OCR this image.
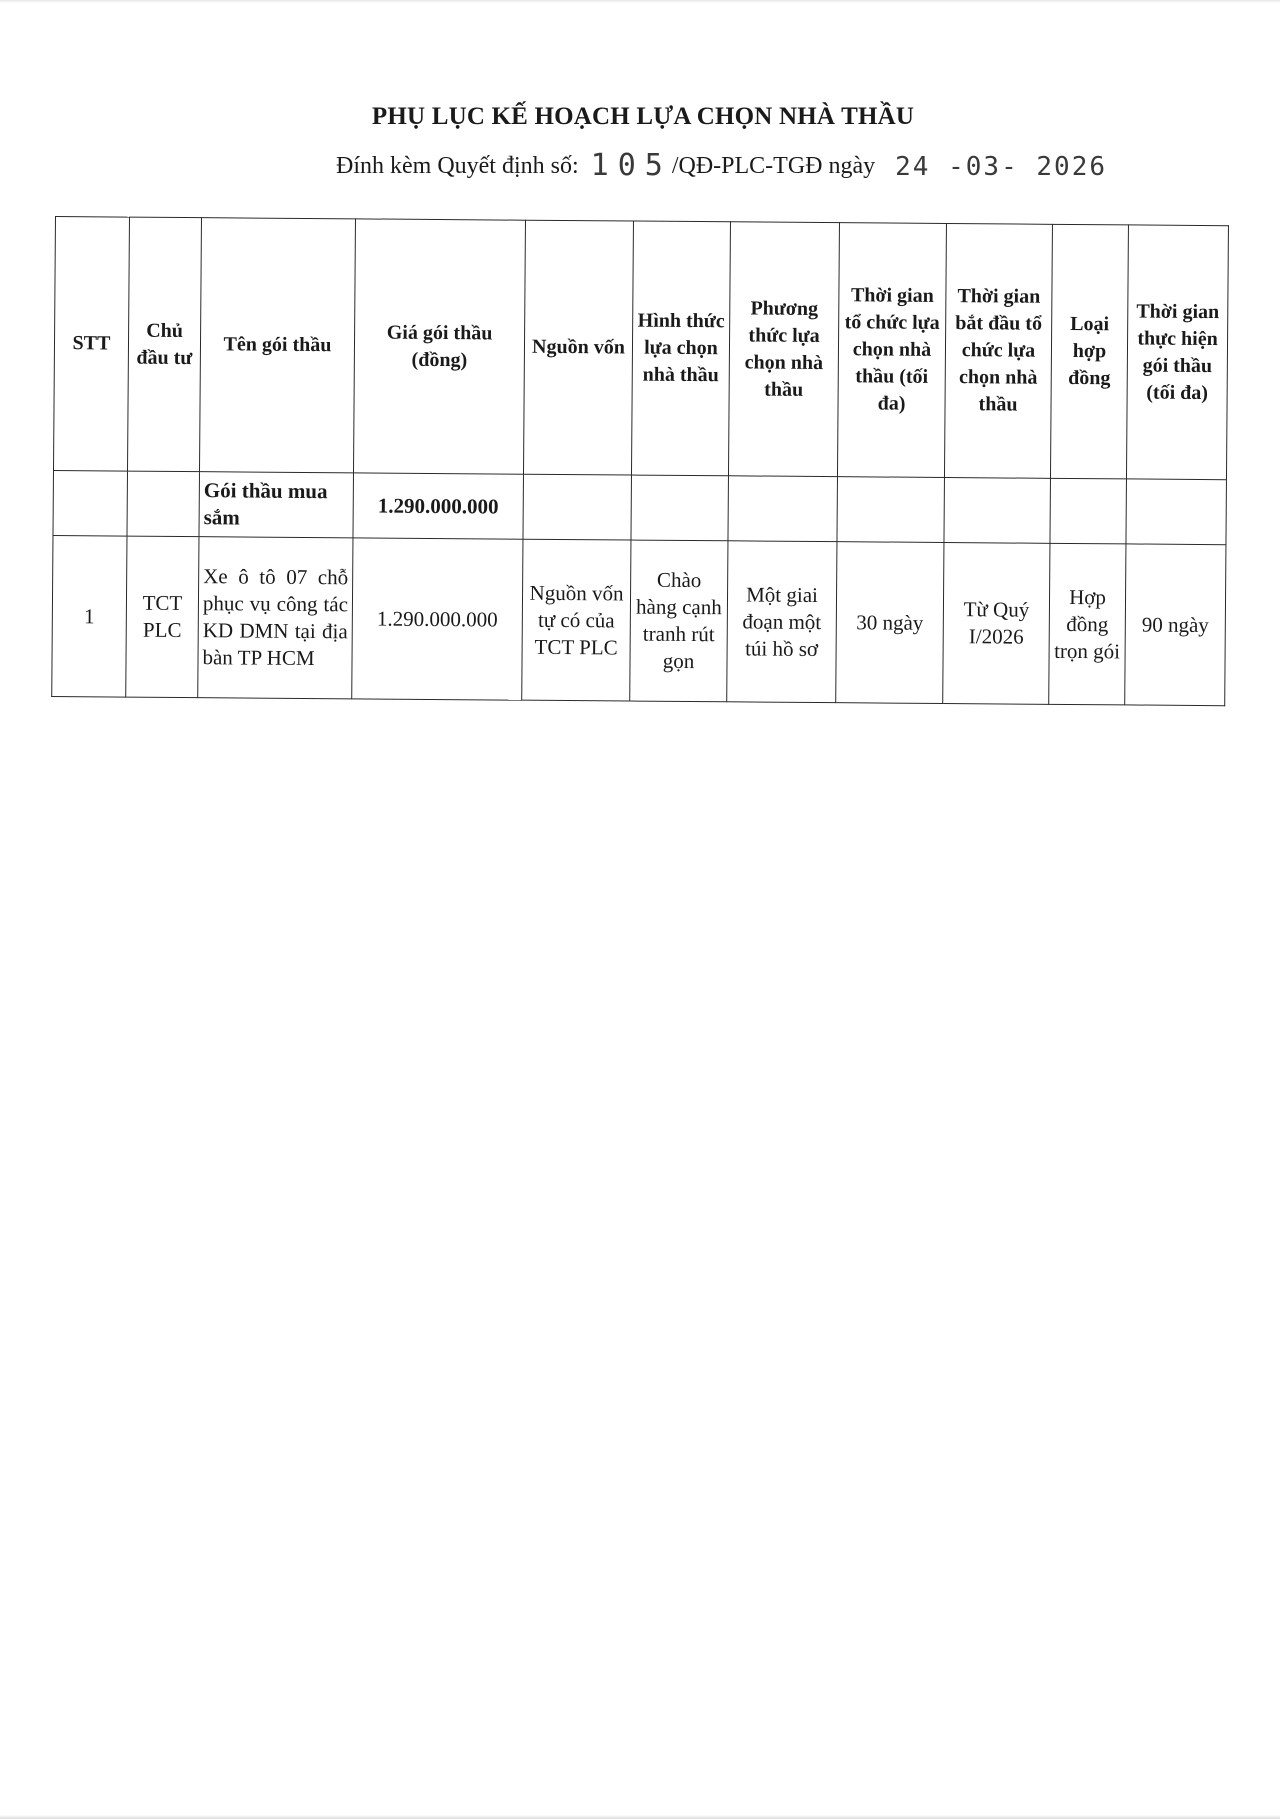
PHỤ LỤC KẾ HOẠCH LỰA CHỌN NHÀ THẦU
Đính kèm Quyết định số: 105/QĐ-PLC-TGĐ ngày 24 -03- 2026
STT	Chủ đầu tư	Tên gói thầu	Giá gói thầu (đồng)	Nguồn vốn	Hình thức lựa chọn nhà thầu	Phương thức lựa chọn nhà thầu	Thời gian tổ chức lựa chọn nhà thầu (tối đa)	Thời gian bắt đầu tổ chức lựa chọn nhà thầu	Loại hợp đồng	Thời gian thực hiện gói thầu (tối đa)
		Gói thầu mua sắm	1.290.000.000							
1	TCT PLC	Xe ô tô 07 chỗ phục vụ công tác KD DMN tại địa bàn TP HCM	1.290.000.000	Nguồn vốn tự có của TCT PLC	Chào hàng cạnh tranh rút gọn	Một giai đoạn một túi hồ sơ	30 ngày	Từ Quý I/2026	Hợp đồng trọn gói	90 ngày
